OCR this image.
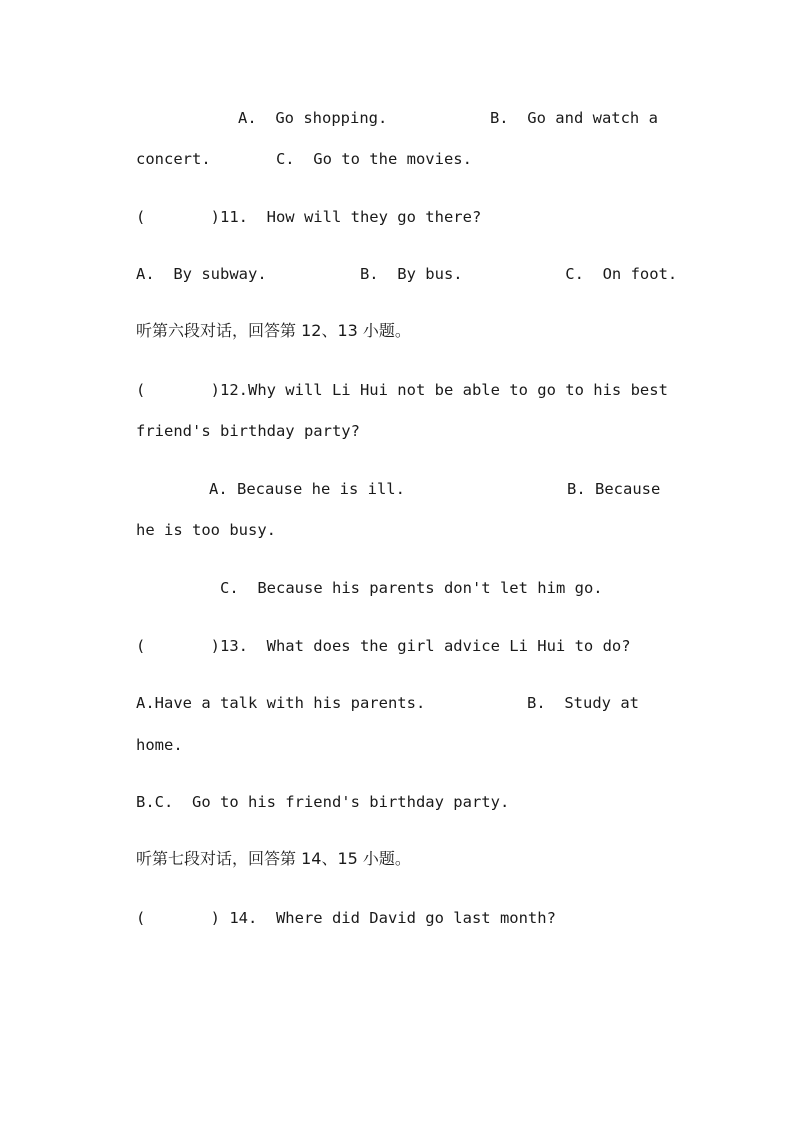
A.  Go shopping.           B.  Go and watch a
concert.       C.  Go to the movies.
(       )11.  How will they go there?
A.  By subway.          B.  By bus.           C.  On foot.
听第六段对话，回答第 12、13 小题。
(       )12.Why will Li Hui not be able to go to his best
friend's birthday party?
A. Because he is ill.	B. Because
he is too busy.
C.  Because his parents don't let him go.
(       )13.  What does the girl advice Li Hui to do?
A.Have a talk with his parents.	B.  Study at
home.
B.C.  Go to his friend's birthday party.
听第七段对话，回答第 14、15 小题。
(       ) 14.  Where did David go last month?
